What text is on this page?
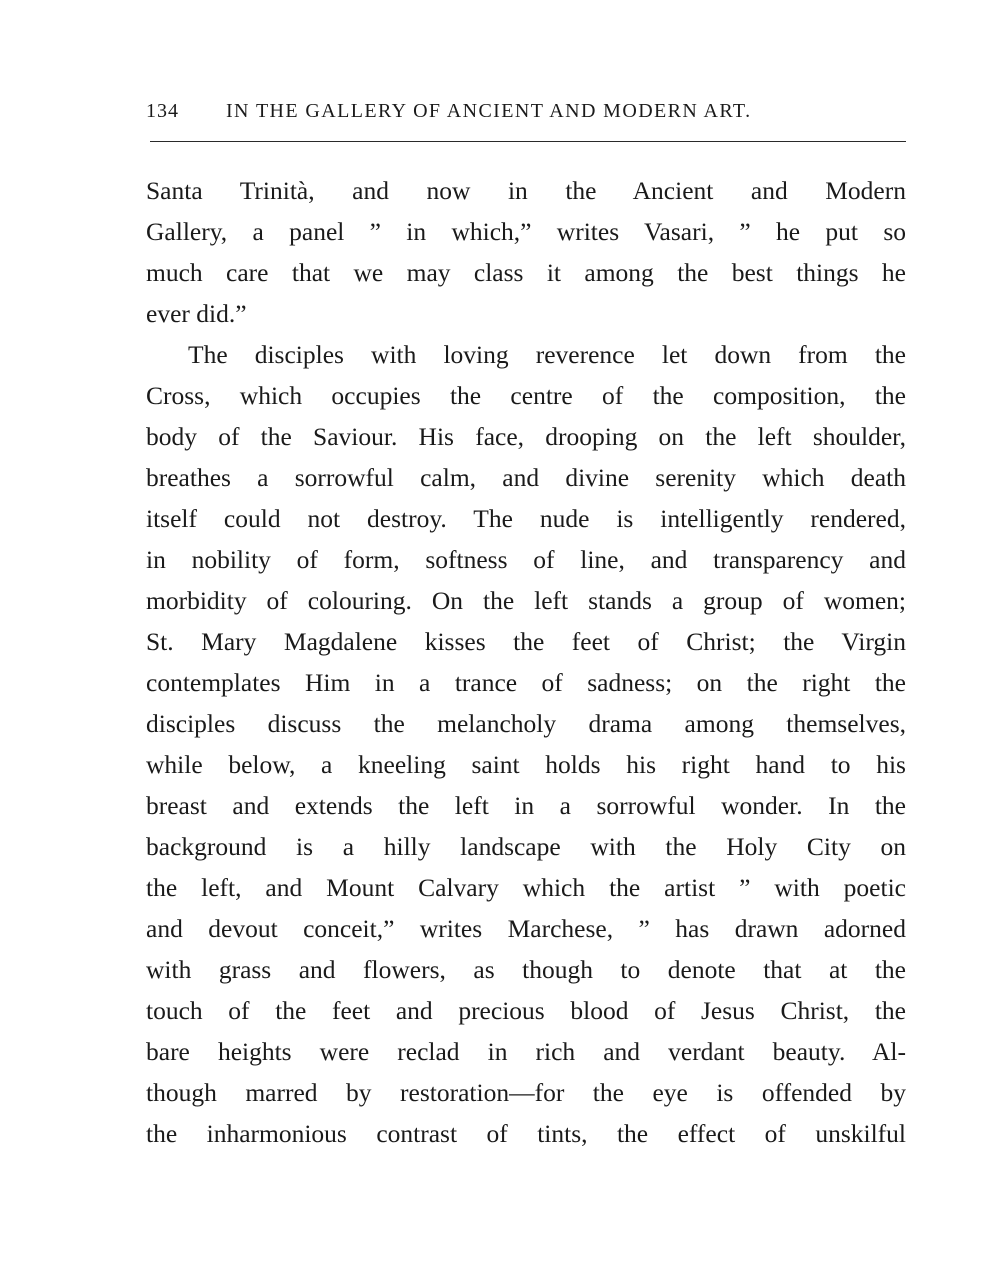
134 IN THE GALLERY OF ANCIENT AND MODERN ART.
Santa Trinità, and now in the Ancient and Modern
Gallery, a panel ” in which,” writes Vasari, ” he put so
much care that we may class it among the best things he
ever did.”
The disciples with loving reverence let down from the
Cross, which occupies the centre of the composition, the
body of the Saviour. His face, drooping on the left shoulder,
breathes a sorrowful calm, and divine serenity which death
itself could not destroy. The nude is intelligently rendered,
in nobility of form, softness of line, and transparency and
morbidity of colouring. On the left stands a group of women;
St. Mary Magdalene kisses the feet of Christ; the Virgin
contemplates Him in a trance of sadness; on the right the
disciples discuss the melancholy drama among themselves,
while below, a kneeling saint holds his right hand to his
breast and extends the left in a sorrowful wonder. In the
background is a hilly landscape with the Holy City on
the left, and Mount Calvary which the artist ” with poetic
and devout conceit,” writes Marchese, ” has drawn adorned
with grass and flowers, as though to denote that at the
touch of the feet and precious blood of Jesus Christ, the
bare heights were reclad in rich and verdant beauty. Al-
though marred by restoration—for the eye is offended by
the inharmonious contrast of tints, the effect of unskilful
